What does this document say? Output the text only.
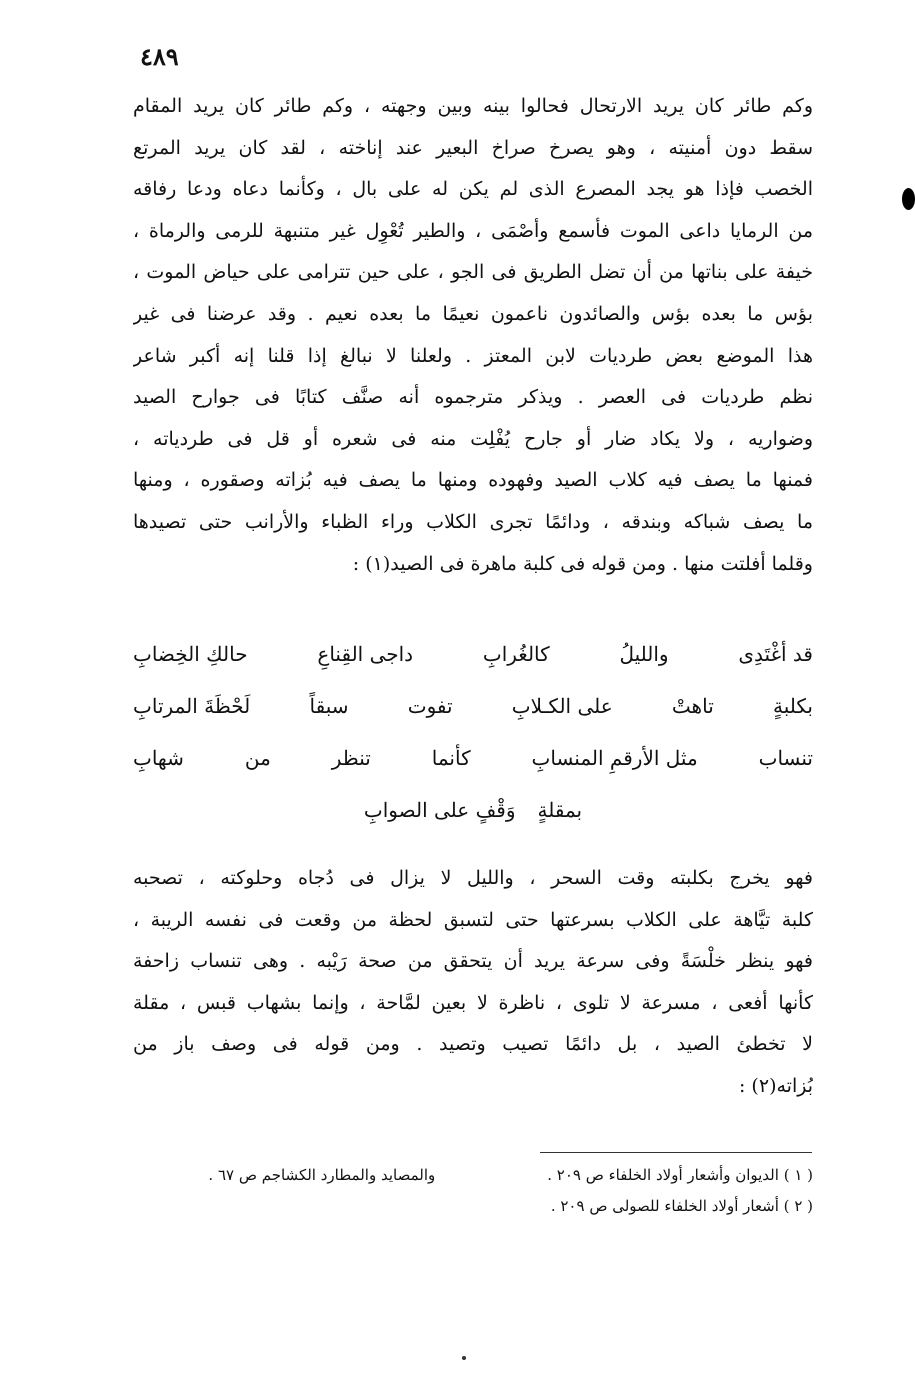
٤٨٩
وكم طائر كان يريد الارتحال فحالوا بينه وبين وجهته ، وكم طائر كان يريد المقام
سقط دون أمنيته ، وهو يصرخ صراخ البعير عند إناخته ، لقد كان يريد المرتع
الخصب فإذا هو يجد المصرع الذى لم يكن له على بال ، وكأنما دعاه ودعا رفاقه
من الرمايا داعى الموت فأسمع وأصْمَى ، والطير تُعْوِل غير متنبهة للرمى والرماة ،
خيفة على بناتها من أن تضل الطريق فى الجو ، على حين تترامى على حياض الموت ،
بؤس ما بعده بؤس والصائدون ناعمون نعيمًا ما بعده نعيم . وقد عرضنا فى غير
هذا الموضع بعض طرديات لابن المعتز . ولعلنا لا نبالغ إذا قلنا إنه أكبر شاعر
نظم طرديات فى العصر . ويذكر مترجموه أنه صنَّف كتابًا فى جوارح الصيد
وضواريه ، ولا يكاد ضار أو جارح يُفْلِت منه فى شعره أو قل فى طردياته ،
فمنها ما يصف فيه كلاب الصيد وفهوده ومنها ما يصف فيه بُزاته وصقوره ، ومنها
ما يصف شباكه وبندقه ، ودائمًا تجرى الكلاب وراء الظباء والأرانب حتى تصيدها
وقلما أفلتت منها . ومن قوله فى كلبة ماهرة فى الصيد(١) :
قد أغْتَدِى
والليلُ
كالغُرابِ
داجى القِناعِ
حالكِ الخِضابِ
بكلبةٍ
تاهتْ
على الكـلابِ
تفوت
سبقاً
لَحْظَةَ المرتابِ
تنساب
مثل الأرقمِ المنسابِ
كأنما
تنظر
من
شهابِ
بمقلةٍ
وَقْفٍ على الصوابِ
فهو يخرج بكلبته وقت السحر ، والليل لا يزال فى دُجاه وحلوكته ، تصحبه
كلبة تيَّاهة على الكلاب بسرعتها حتى لتسبق لحظة من وقعت فى نفسه الريبة ،
فهو ينظر خلْسَةً وفى سرعة يريد أن يتحقق من صحة رَيْبه . وهى تنساب زاحفة
كأنها أفعى ، مسرعة لا تلوى ، ناظرة لا بعين لمَّاحة ، وإنما بشهاب قبس ، مقلة
لا تخطئ الصيد ، بل دائمًا تصيب وتصيد . ومن قوله فى وصف باز من
بُزاته(٢) :
( ١ ) الديوان وأشعار أولاد الخلفاء ص ٢٠٩ .
والمصايد والمطارد الكشاجم ص ٦٧ .
( ٢ ) أشعار أولاد الخلفاء للصولى ص ٢٠٩ .
